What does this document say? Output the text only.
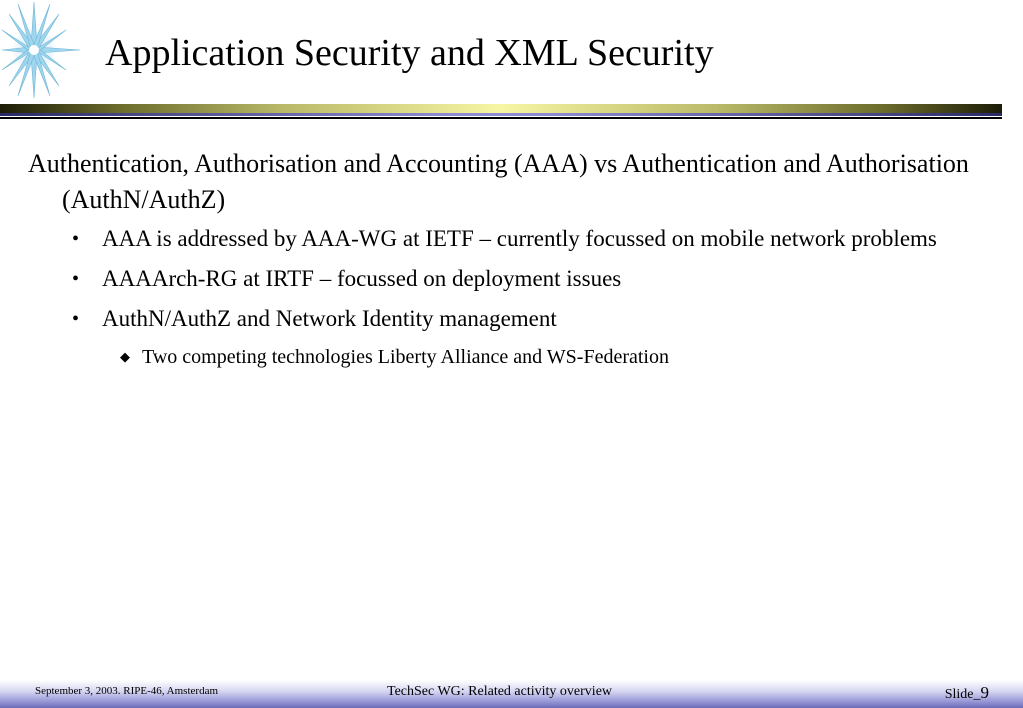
Application Security and XML Security
Authentication, Authorisation and Accounting (AAA) vs Authentication and Authorisation (AuthN/AuthZ)
• AAA is addressed by AAA-WG at IETF – currently focussed on mobile network problems
• AAAArch-RG at IRTF – focussed on deployment issues
• AuthN/AuthZ and Network Identity management
◆ Two competing technologies Liberty Alliance and WS-Federation
September 3, 2003. RIPE-46, Amsterdam	TechSec WG: Related activity overview	Slide_9
